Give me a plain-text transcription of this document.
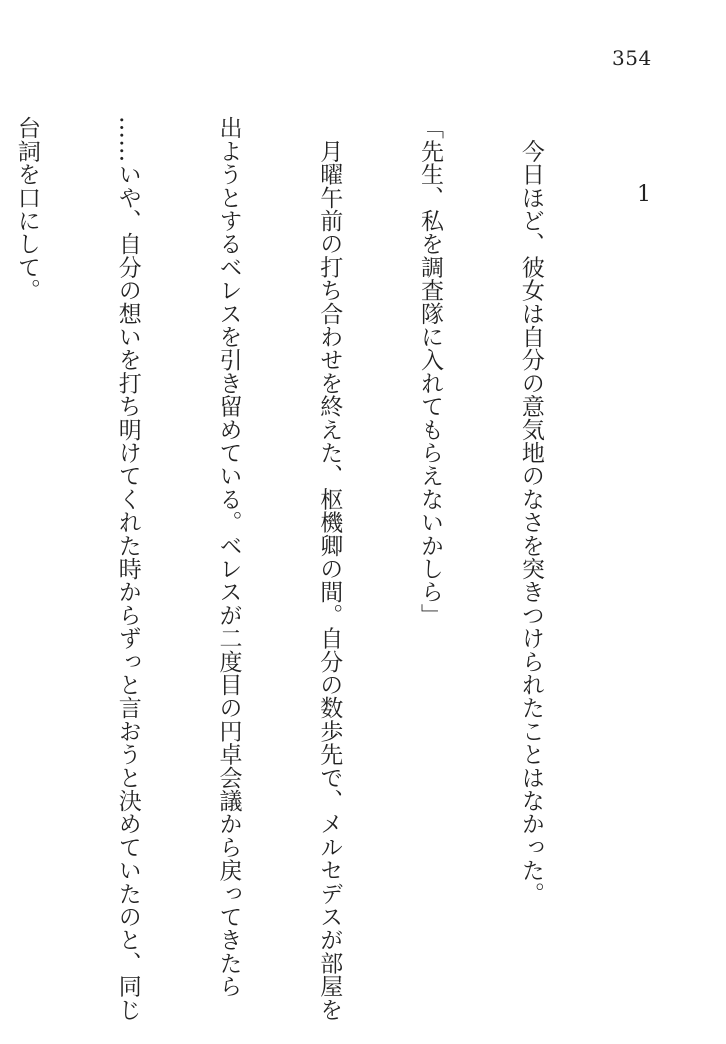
354
1

　今日ほど、彼女は自分の意気地のなさを突きつけられたことはなかった。

「先生、私を調査隊に入れてもらえないかしら」

　月曜午前の打ち合わせを終えた、枢機卿の間。自分の数歩先で、メルセデスが部屋を

出ようとするベレスを引き留めている。ベレスが二度目の円卓会議から戻ってきたら

……いや、自分の想いを打ち明けてくれた時からずっと言おうと決めていたのと、同じ

台詞を口にして。
